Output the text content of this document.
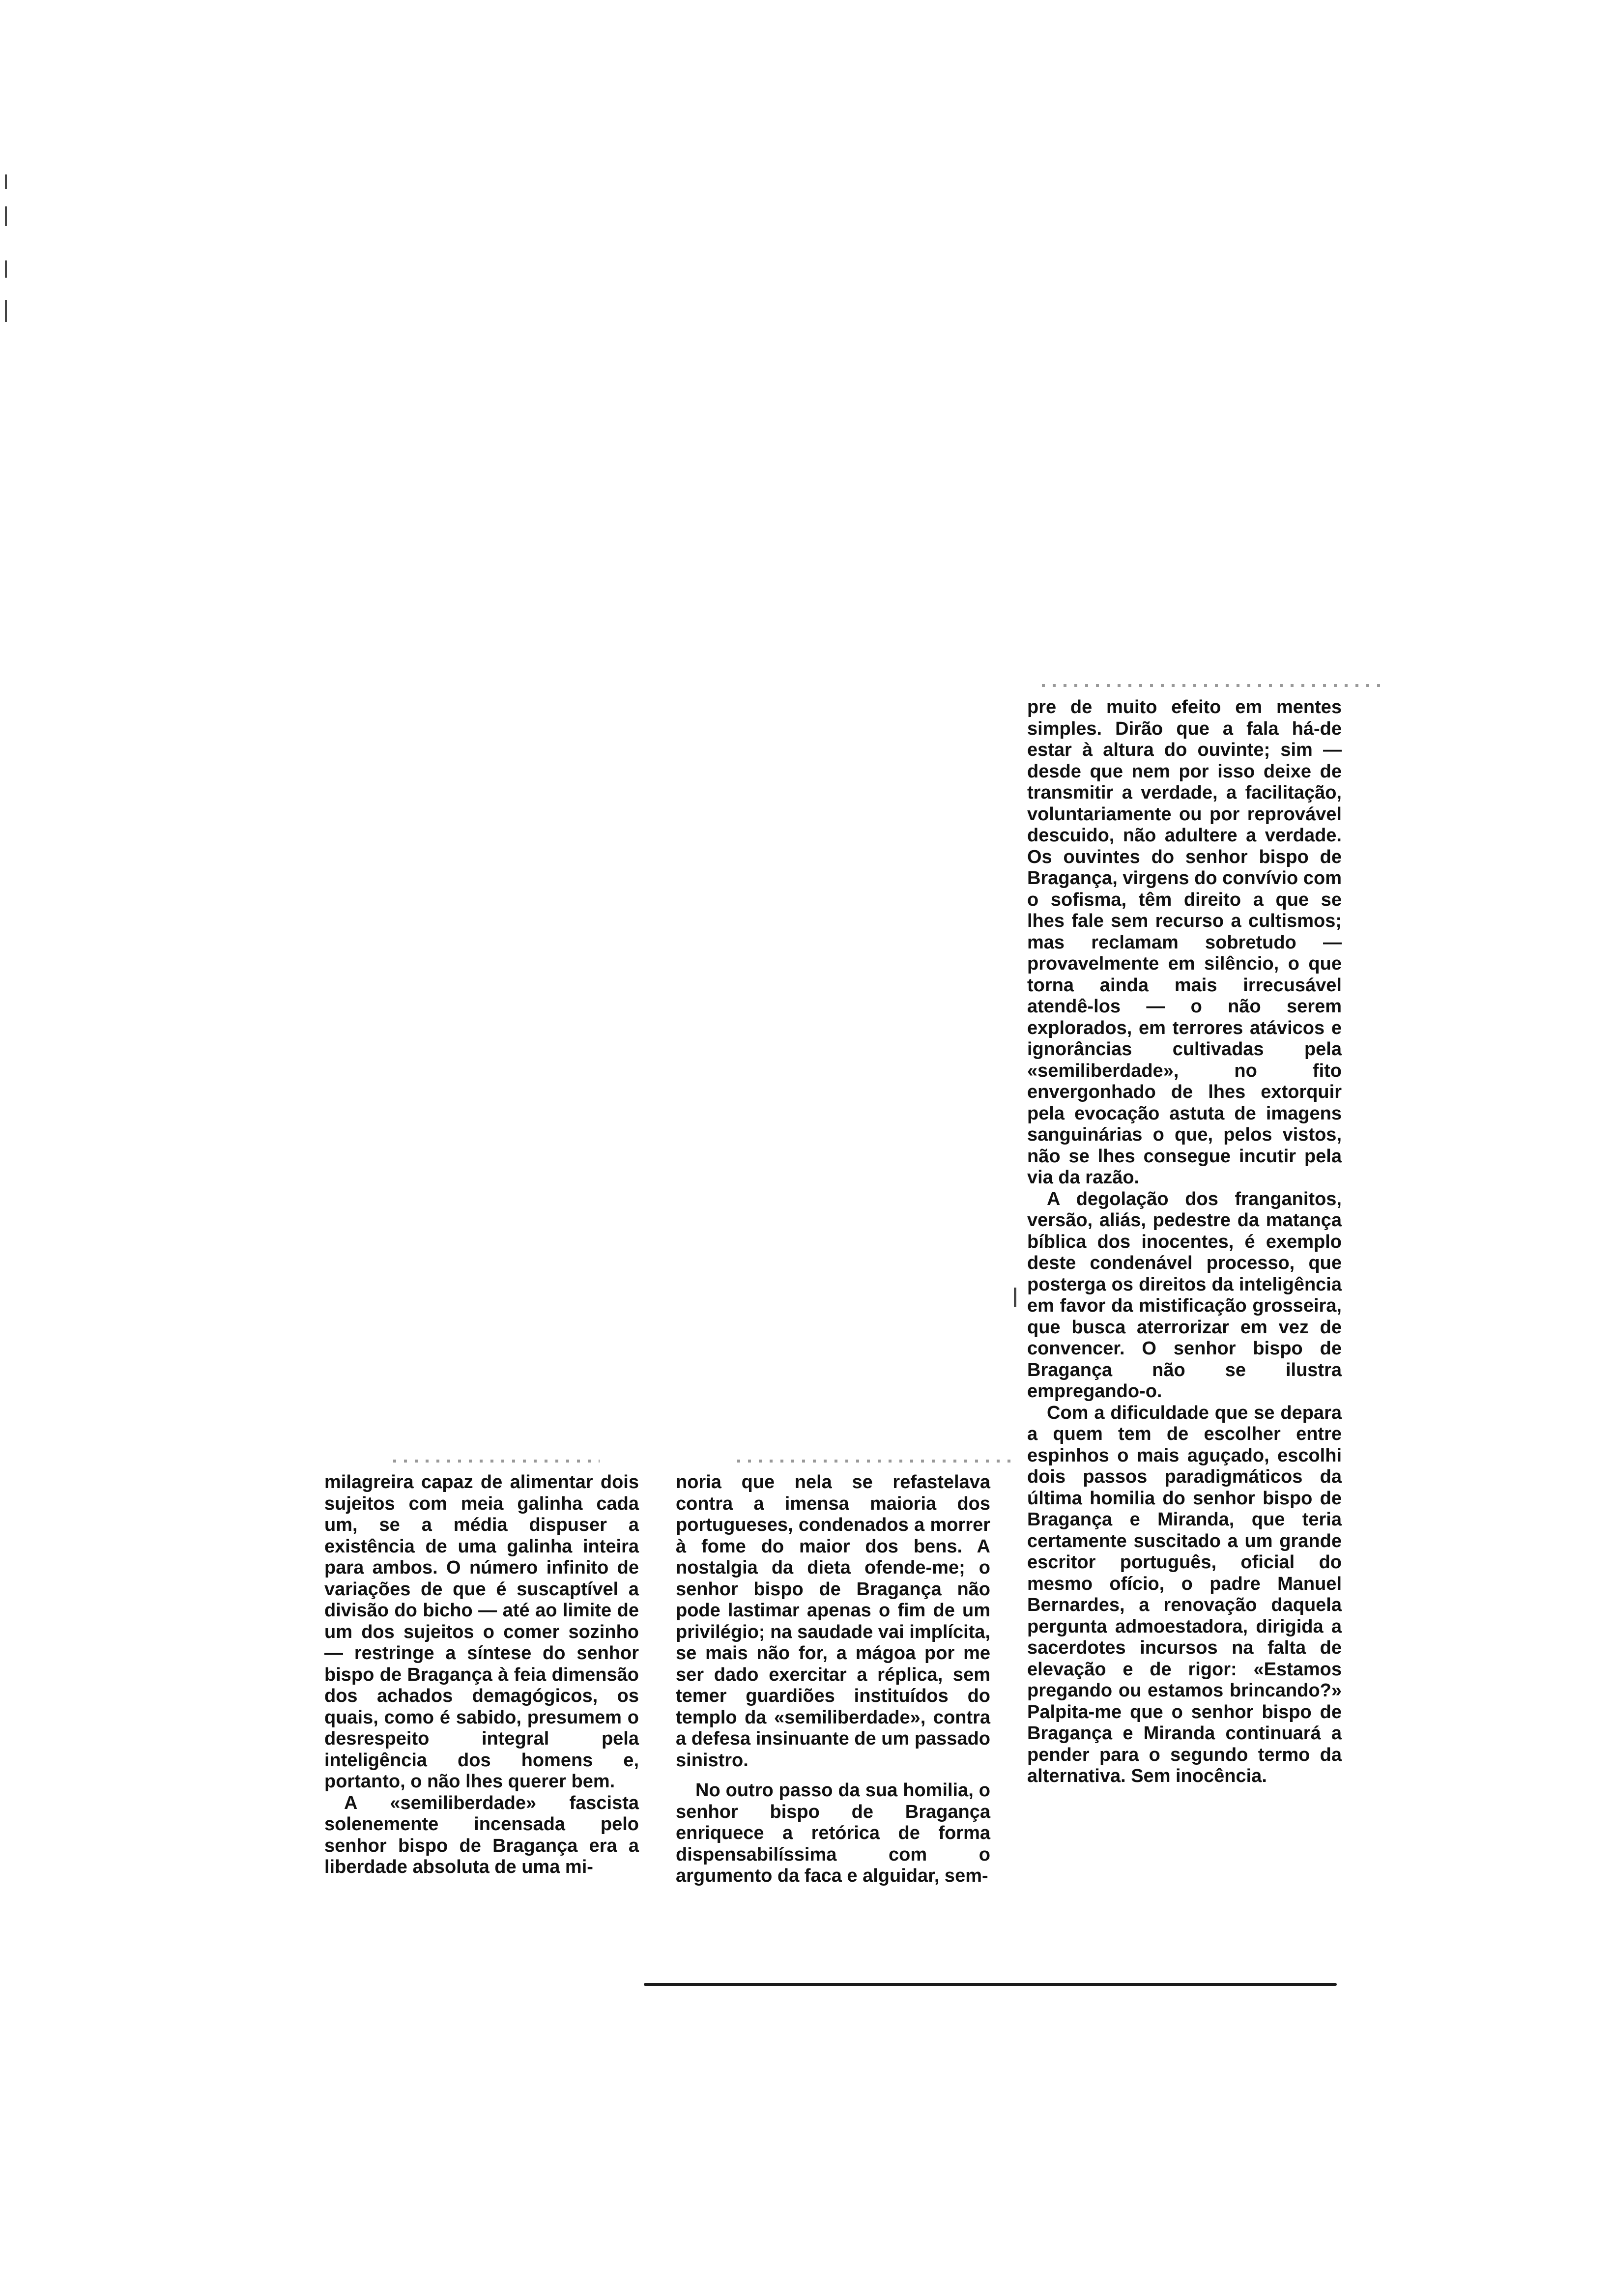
milagreira capaz de alimentar dois sujeitos com meia galinha cada um, se a média dispuser a existência de uma galinha inteira para ambos. O número infinito de variações de que é suscaptível a divisão do bicho — até ao limite de um dos sujeitos o comer sozinho — restringe a síntese do senhor bispo de Bragança à feia dimensão dos achados demagógicos, os quais, como é sabido, presumem o desrespeito integral pela inteligência dos homens e, portanto, o não lhes querer bem.

A «semiliberdade» fascista solenemente incensada pelo senhor bispo de Bragança era a liberdade absoluta de uma mi-

noria que nela se refastelava contra a imensa maioria dos portugueses, condenados a morrer à fome do maior dos bens. A nostalgia da dieta ofende-me; o senhor bispo de Bragança não pode lastimar apenas o fim de um privilégio; na saudade vai implícita, se mais não for, a mágoa por me ser dado exercitar a réplica, sem temer guardiões instituídos do templo da «semiliberdade», contra a defesa insinuante de um passado sinistro.

No outro passo da sua homilia, o senhor bispo de Bragança enriquece a retórica de forma dispensabilíssima com o argumento da faca e alguidar, sem-

pre de muito efeito em mentes simples. Dirão que a fala há-de estar à altura do ouvinte; sim — desde que nem por isso deixe de transmitir a verdade, a facilitação, voluntariamente ou por reprovável descuido, não adultere a verdade. Os ouvintes do senhor bispo de Bragança, virgens do convívio com o sofisma, têm direito a que se lhes fale sem recurso a cultismos; mas reclamam sobretudo — provavelmente em silêncio, o que torna ainda mais irrecusável atendê-los — o não serem explorados, em terrores atávicos e ignorâncias cultivadas pela «semiliberdade», no fito envergonhado de lhes extorquir pela evocação astuta de imagens sanguinárias o que, pelos vistos, não se lhes consegue incutir pela via da razão.

A degolação dos franganitos, versão, aliás, pedestre da matança bíblica dos inocentes, é exemplo deste condenável processo, que posterga os direitos da inteligência em favor da mistificação grosseira, que busca aterrorizar em vez de convencer. O senhor bispo de Bragança não se ilustra empregando-o.

Com a dificuldade que se depara a quem tem de escolher entre espinhos o mais aguçado, escolhi dois passos paradigmáticos da última homilia do senhor bispo de Bragança e Miranda, que teria certamente suscitado a um grande escritor português, oficial do mesmo ofício, o padre Manuel Bernardes, a renovação daquela pergunta admoestadora, dirigida a sacerdotes incursos na falta de elevação e de rigor: «Estamos pregando ou estamos brincando?» Palpita-me que o senhor bispo de Bragança e Miranda continuará a pender para o segundo termo da alternativa. Sem inocência.
